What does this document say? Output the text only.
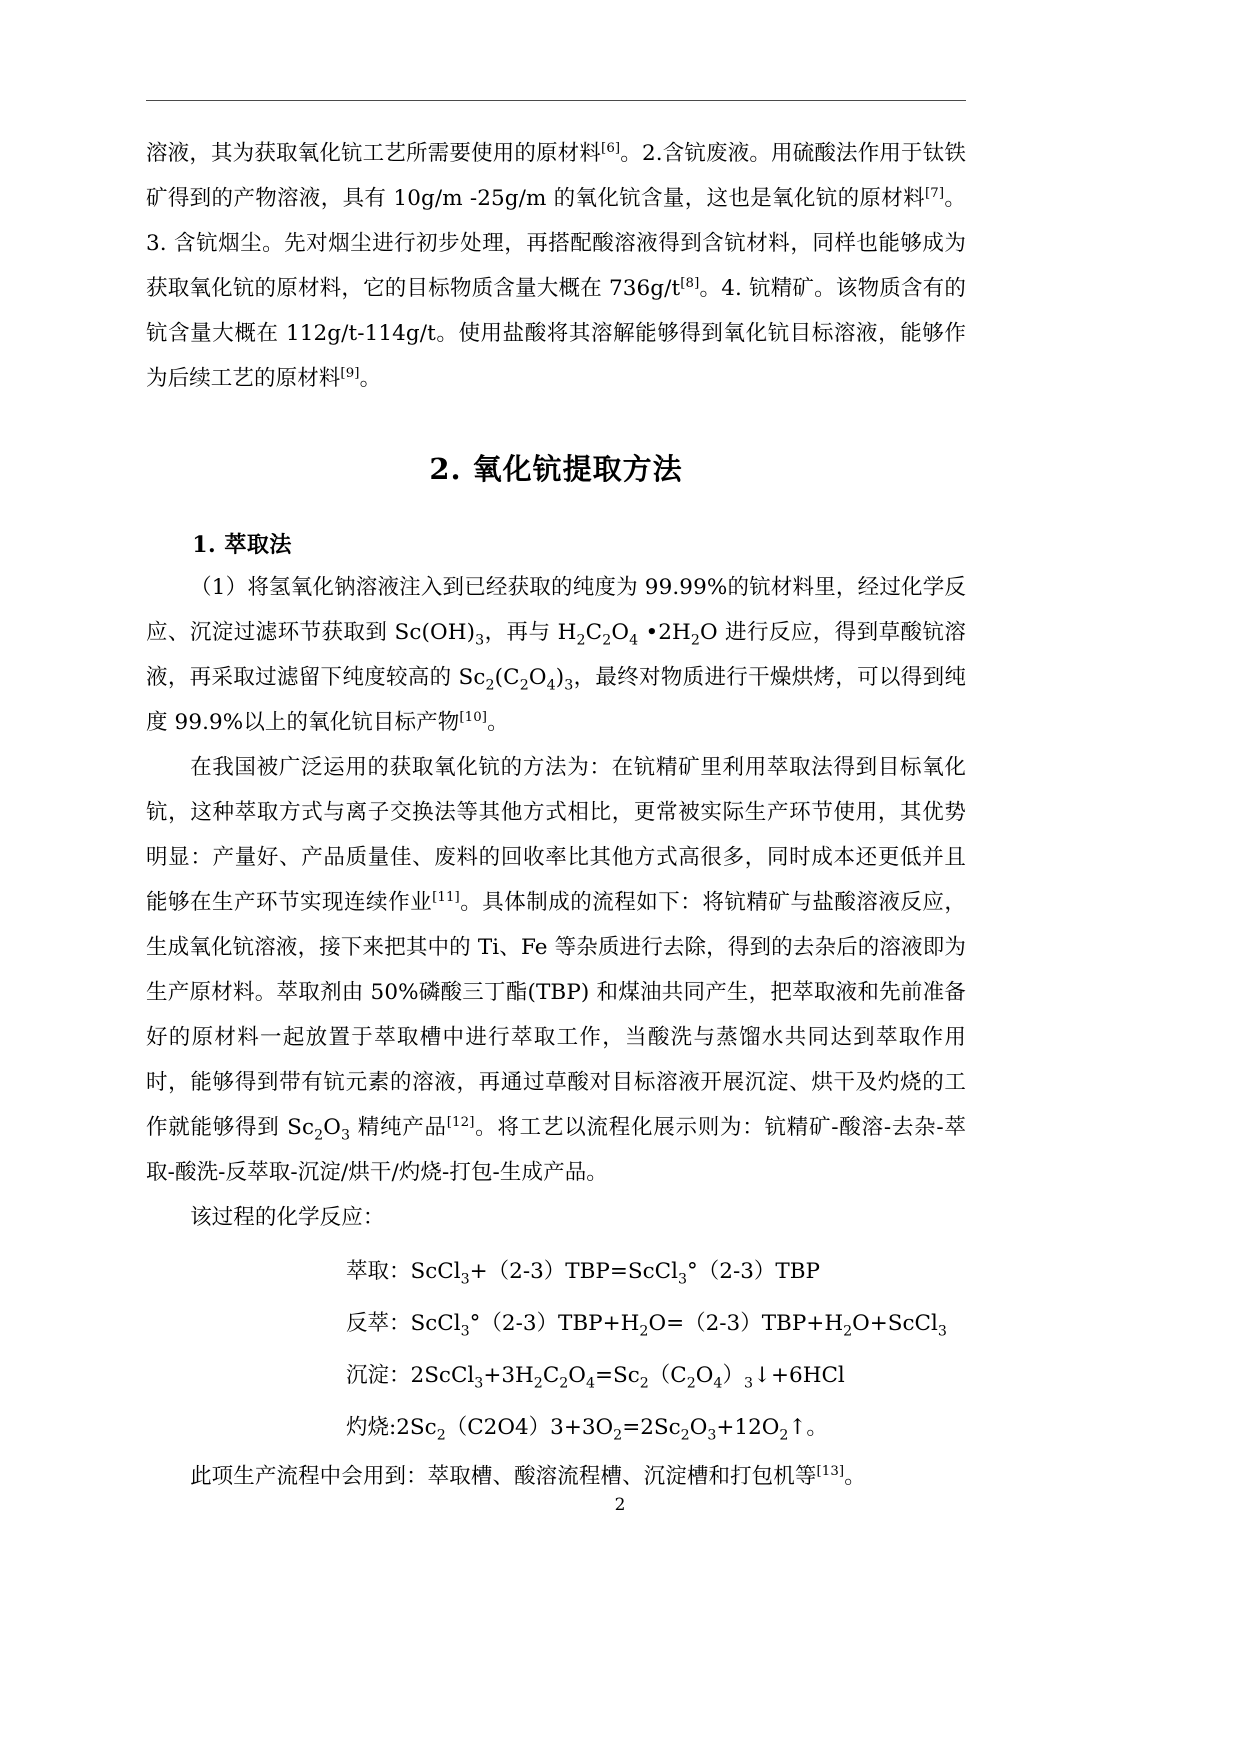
溶液，其为获取氧化钪工艺所需要使用的原材料[6]。2.含钪废液。用硫酸法作用于钛铁矿得到的产物溶液，具有 10g/m -25g/m 的氧化钪含量，这也是氧化钪的原材料[7]。3. 含钪烟尘。先对烟尘进行初步处理，再搭配酸溶液得到含钪材料，同样也能够成为获取氧化钪的原材料，它的目标物质含量大概在 736g/t[8]。4. 钪精矿。该物质含有的钪含量大概在 112g/t-114g/t。使用盐酸将其溶解能够得到氧化钪目标溶液，能够作为后续工艺的原材料[9]。

2. 氧化钪提取方法
1. 萃取法

（1）将氢氧化钠溶液注入到已经获取的纯度为 99.99%的钪材料里，经过化学反应、沉淀过滤环节获取到 $Sc(OH)_3$，再与 $H_2C_2O_4$ $•2H_2O$ 进行反应，得到草酸钪溶液，再采取过滤留下纯度较高的 $Sc_2(C_2O_4)_3$，最终对物质进行干燥烘烤，可以得到纯度 99.9%以上的氧化钪目标产物[10]。

在我国被广泛运用的获取氧化钪的方法为：在钪精矿里利用萃取法得到目标氧化钪，这种萃取方式与离子交换法等其他方式相比，更常被实际生产环节使用，其优势明显：产量好、产品质量佳、废料的回收率比其他方式高很多，同时成本还更低并且能够在生产环节实现连续作业[11]。具体制成的流程如下：将钪精矿与盐酸溶液反应，生成氧化钪溶液，接下来把其中的 Ti、Fe 等杂质进行去除，得到的去杂后的溶液即为生产原材料。萃取剂由 50%磷酸三丁酯(TBP) 和煤油共同产生，把萃取液和先前准备好的原材料一起放置于萃取槽中进行萃取工作，当酸洗与蒸馏水共同达到萃取作用时，能够得到带有钪元素的溶液，再通过草酸对目标溶液开展沉淀、烘干及灼烧的工作就能够得到 $Sc_2O_3$ 精纯产品[12]。将工艺以流程化展示则为：钪精矿-酸溶-去杂-萃取-酸洗-反萃取-沉淀/烘干/灼烧-打包-生成产品。

该过程的化学反应：

萃取：ScCl$_3$+（2-3）TBP=ScCl$_3$°（2-3）TBP

反萃：$ScCl_3^\circ(2-3)TBP+H_2O=(2-3)TBP+H_2O+ScCl_3$

沉淀：$2ScCl_3+3H_2C_2O_4=Sc_2(C_2O_4)_3↓+6HCl$

灼烧$:2Sc_2(C2O4)3+3O_2=2Sc_2O_3+12O_2↑$。

此项生产流程中会用到：萃取槽、酸溶流程槽、沉淀槽和打包机等[13]。

2
